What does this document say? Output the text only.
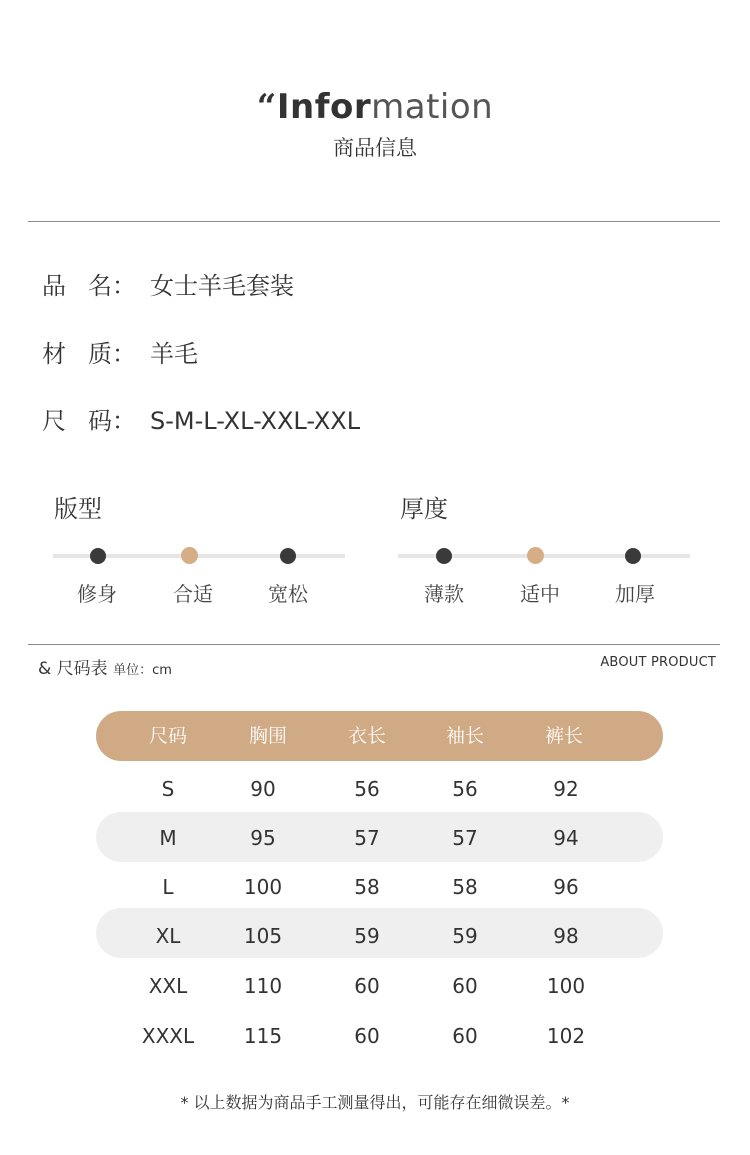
“Information
商品信息
品 名： 女士羊毛套装
材 质： 羊毛
尺 码： S-M-L-XL-XXL-XXL
版型
修身	合适	宽松
厚度
薄款	适中	加厚
& 尺码表 单位：cm
ABOUT PRODUCT
尺码	胸围	衣长	袖长	裤长
S	90	56	56	92
M	95	57	57	94
L	100	58	58	96
XL	105	59	59	98
XXL	110	60	60	100
XXXL	115	60	60	102
* 以上数据为商品手工测量得出，可能存在细微误差。*
